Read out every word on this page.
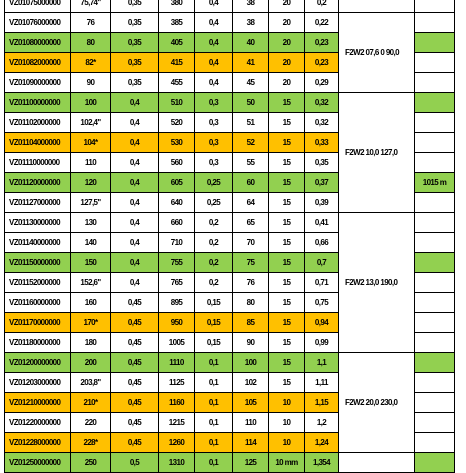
VZ01075000000	75,74"	0,35	380	0,4	38	20	0,2		
VZ01076000000	76	0,35	385	0,4	38	20	0,22	F2W2 07,6 0 90,0	
VZ01080000000	80	0,35	405	0,4	40	20	0,23		
VZ01082000000	82*	0,35	415	0,4	41	20	0,23		
VZ01090000000	90	0,35	455	0,4	45	20	0,29		
VZ01100000000	100	0,4	510	0,3	50	15	0,32	F2W2 10,0 127,0	
VZ01102000000	102,4"	0,4	520	0,3	51	15	0,32		
VZ01104000000	104*	0,4	530	0,3	52	15	0,33		
VZ01110000000	110	0,4	560	0,3	55	15	0,35		
VZ01120000000	120	0,4	605	0,25	60	15	0,37		1015 m
VZ01127000000	127,5"	0,4	640	0,25	64	15	0,39		
VZ01130000000	130	0,4	660	0,2	65	15	0,41	F2W2 13,0 190,0	
VZ01140000000	140	0,4	710	0,2	70	15	0,66		
VZ01150000000	150	0,4	755	0,2	75	15	0,7		
VZ01152000000	152,6"	0,4	765	0,2	76	15	0,71		
VZ01160000000	160	0,45	895	0,15	80	15	0,75		
VZ01170000000	170*	0,45	950	0,15	85	15	0,94		
VZ01180000000	180	0,45	1005	0,15	90	15	0,99		
VZ01200000000	200	0,45	1110	0,1	100	15	1,1	F2W2 20,0 230,0	
VZ01203000000	203,8"	0,45	1125	0,1	102	15	1,11		
VZ01210000000	210*	0,45	1160	0,1	105	10	1,15		
VZ01220000000	220	0,45	1215	0,1	110	10	1,2		
VZ01228000000	228*	0,45	1260	0,1	114	10	1,24		
VZ01250000000	250	0,5	1310	0,1	125	10 mm	1,354		
